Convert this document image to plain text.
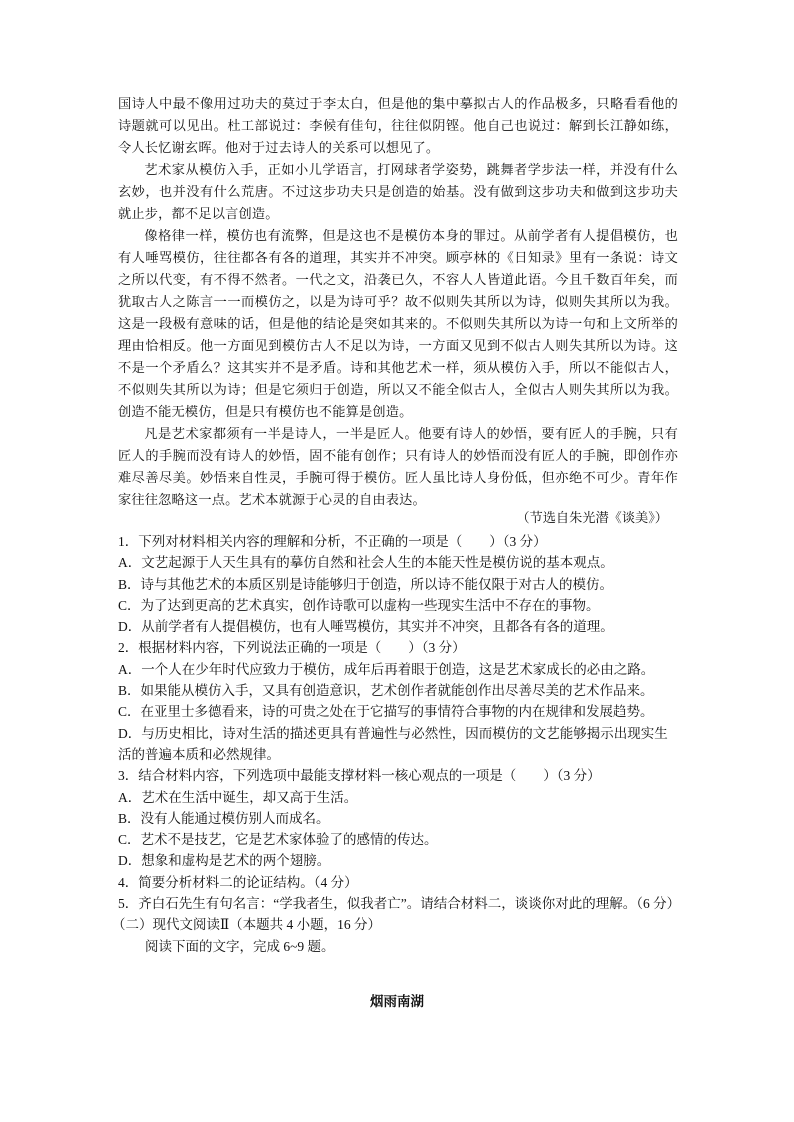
国诗人中最不像用过功夫的莫过于李太白，但是他的集中摹拟古人的作品极多，只略看看他的诗题就可以见出。杜工部说过：李候有佳句，往往似阴铿。他自己也说过：解到长江静如练，令人长忆谢玄晖。他对于过去诗人的关系可以想见了。

艺术家从模仿入手，正如小儿学语言，打网球者学姿势，跳舞者学步法一样，并没有什么玄妙，也并没有什么荒唐。不过这步功夫只是创造的始基。没有做到这步功夫和做到这步功夫就止步，都不足以言创造。

像格律一样，模仿也有流弊，但是这也不是模仿本身的罪过。从前学者有人提倡模仿，也有人唾骂模仿，往往都各有各的道理，其实并不冲突。顾亭林的《日知录》里有一条说：诗文之所以代变，有不得不然者。一代之文，沿袭已久，不容人人皆道此语。今且千数百年矣，而犹取古人之陈言一一而模仿之，以是为诗可乎？故不似则失其所以为诗，似则失其所以为我。这是一段极有意味的话，但是他的结论是突如其来的。不似则失其所以为诗一句和上文所举的理由恰相反。他一方面见到模仿古人不足以为诗，一方面又见到不似古人则失其所以为诗。这不是一个矛盾么？这其实并不是矛盾。诗和其他艺术一样，须从模仿入手，所以不能似古人，不似则失其所以为诗；但是它须归于创造，所以又不能全似古人，全似古人则失其所以为我。创造不能无模仿，但是只有模仿也不能算是创造。

凡是艺术家都须有一半是诗人，一半是匠人。他要有诗人的妙悟，要有匠人的手腕，只有匠人的手腕而没有诗人的妙悟，固不能有创作；只有诗人的妙悟而没有匠人的手腕，即创作亦难尽善尽美。妙悟来自性灵，手腕可得于模仿。匠人虽比诗人身份低，但亦绝不可少。青年作家往往忽略这一点。艺术本就源于心灵的自由表达。

（节选自朱光潜《谈美》）

1．下列对材料相关内容的理解和分析，不正确的一项是（　　）（3 分）

A．文艺起源于人天生具有的摹仿自然和社会人生的本能天性是模仿说的基本观点。

B．诗与其他艺术的本质区别是诗能够归于创造，所以诗不能仅限于对古人的模仿。

C．为了达到更高的艺术真实，创作诗歌可以虚构一些现实生活中不存在的事物。

D．从前学者有人提倡模仿，也有人唾骂模仿，其实并不冲突，且都各有各的道理。

2．根据材料内容，下列说法正确的一项是（　　）（3 分）

A．一个人在少年时代应致力于模仿，成年后再着眼于创造，这是艺术家成长的必由之路。

B．如果能从模仿入手，又具有创造意识，艺术创作者就能创作出尽善尽美的艺术作品来。

C．在亚里士多德看来，诗的可贵之处在于它描写的事情符合事物的内在规律和发展趋势。

D．与历史相比，诗对生活的描述更具有普遍性与必然性，因而模仿的文艺能够揭示出现实生活的普遍本质和必然规律。

3．结合材料内容，下列选项中最能支撑材料一核心观点的一项是（　　）（3 分）

A．艺术在生活中诞生，却又高于生活。

B．没有人能通过模仿别人而成名。

C．艺术不是技艺，它是艺术家体验了的感情的传达。

D．想象和虚构是艺术的两个翅膀。

4．简要分析材料二的论证结构。（4 分）

5．齐白石先生有句名言：“学我者生，似我者亡”。请结合材料二，谈谈你对此的理解。（6 分）

（二）现代文阅读Ⅱ（本题共 4 小题，16 分）

阅读下面的文字，完成 6~9 题。

烟雨南湖
